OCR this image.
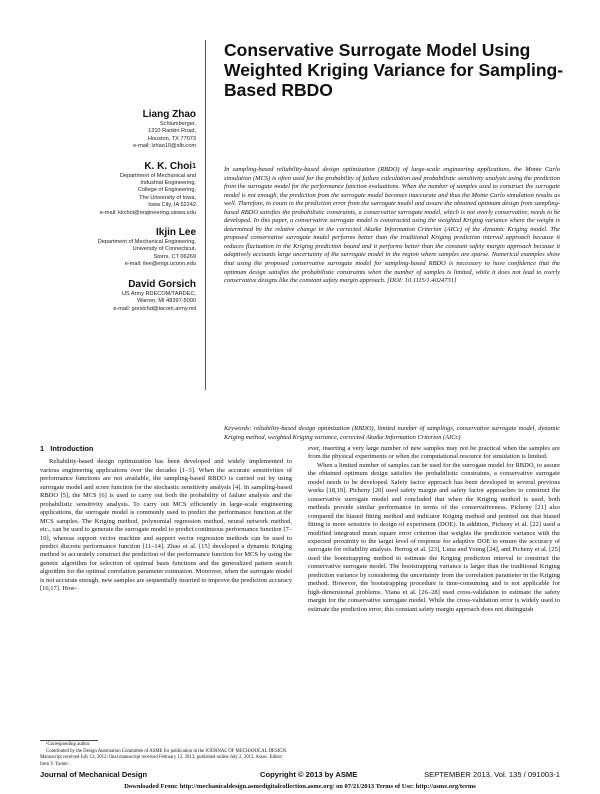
Conservative Surrogate Model Using Weighted Kriging Variance for Sampling-Based RBDO
Liang Zhao
Schlumberger,
1310 Rankin Road,
Houston, TX 77073
e-mail: lzhao10@slb.com
K. K. Choi$^1$
Department of Mechanical and
Industrial Engineering,
College of Engineering,
The University of Iowa,
Iowa City, IA 52242
e-mail: kkchoi@engineering.uiowa.edu
Ikjin Lee
Department of Mechanical Engineering,
University of Connecticut,
Storrs, CT 06269
e-mail: ilee@engr.uconn.edu
David Gorsich
US Army RDECOM/TARDEC,
Warren, MI 48397-5000
e-mail: gorsichd@tacom.army.mil

In sampling-based reliability-based design optimization (RBDO) of large-scale engineering applications, the Monte Carlo simulation (MCS) is often used for the probability of failure calculation and probabilistic sensitivity analysis using the prediction from the surrogate model for the performance function evaluations. When the number of samples used to construct the surrogate model is not enough, the prediction from the surrogate model becomes inaccurate and thus the Monte Carlo simulation results as well. Therefore, to count in the prediction error from the surrogate model and assure the obtained optimum design from sampling-based RBDO satisfies the probabilistic constraints, a conservative surrogate model, which is not overly conservative, needs to be developed. In this paper, a conservative surrogate model is constructed using the weighted Kriging variance where the weight is determined by the relative change in the corrected Akaike Information Criterion (AICc) of the dynamic Kriging model. The proposed conservative surrogate model performs better than the traditional Kriging prediction interval approach because it reduces fluctuation in the Kriging prediction bound and it performs better than the constant safety margin approach because it adaptively accounts large uncertainty of the surrogate model in the region where samples are sparse. Numerical examples show that using the proposed conservative surrogate model for sampling-based RBDO is necessary to have confidence that the optimum design satisfies the probabilistic constraints when the number of samples is limited, while it does not lead to overly conservative designs like the constant safety margin approach. [DOI: 10.1115/1.4024731]

Keywords: reliability-based design optimization (RBDO), limited number of samplings, conservative surrogate model, dynamic Kriging method, weighted Kriging variance, corrected Akaike Information Criterion (AICc)

1 Introduction

Reliability-based design optimization has been developed and widely implemented to various engineering applications over the decades [1–3]. When the accurate sensitivities of performance functions are not available, the sampling-based RBDO is carried out by using surrogate model and score function for the stochastic sensitivity analysis [4]. In sampling-based RBDO [5], the MCS [6] is used to carry out both the probability of failure analysis and the probabilistic sensitivity analysis. To carry out MCS efficiently in large-scale engineering applications, the surrogate model is commonly used to predict the performance function at the MCS samples. The Kriging method, polynomial regression method, neural network method, etc., can be used to generate the surrogate model to predict continuous performance function [7–10], whereas support vector machine and support vector regression methods can be used to predict discrete performance function [11–14]. Zhao et al. [15] developed a dynamic Kriging method to accurately construct the prediction of the performance function for MCS by using the genetic algorithm for selection of optimal basis functions and the generalized pattern search algorithm for the optimal correlation parameter estimation. Moreover, when the surrogate model is not accurate enough, new samples are sequentially inserted to improve the prediction accuracy [16,17]. How-

ever, inserting a very large number of new samples may not be practical when the samples are from the physical experiments or when the computational resource for simulation is limited.

When a limited number of samples can be used for the surrogate model for RBDO, to assure the obtained optimum design satisfies the probabilistic constraints, a conservative surrogate model needs to be developed. Safety factor approach has been developed in several previous works [18,19]. Picheny [20] used safety margin and safety factor approaches to construct the conservative surrogate model and concluded that when the Kriging method is used, both methods provide similar performance in terms of the conservativeness. Picheny [21] also compared the biased fitting method and indicator Kriging method and pointed out that biased fitting is more sensitive to design of experiment (DOE). In addition, Picheny et al. [22] used a modified integrated mean square error criterion that weights the prediction variance with the expected proximity to the target level of response for adaptive DOE to ensure the accuracy of surrogate for reliability analysis. Hertog et al. [23], Luna and Young [24], and Picheny et al. [25] used the bootstrapping method to estimate the Kriging prediction interval to construct the conservative surrogate model. The bootstrapping variance is larger than the traditional Kriging prediction variance by considering the uncertainty from the correlation parameter in the Kriging method. However, the bootstrapping procedure is time-consuming and is not applicable for high-dimensional problems. Viana et al. [26–28] used cross-validation to estimate the safety margin for the conservative surrogate model. While the cross-validation error is widely used to estimate the prediction error, this constant safety margin approach does not distinguish

¹Corresponding author.

Contributed by the Design Automation Committee of ASME for publication in the JOURNAL OF MECHANICAL DESIGN. Manuscript received July 12, 2012; final manuscript received February 12, 2013; published online July 2, 2013. Assoc. Editor: Irem Y. Tumer.

Journal of Mechanical Design	Copyright © 2013 by ASME	SEPTEMBER 2013, Vol. 135 / 091003-1
Downloaded From: http://mechanicaldesign.asmedigitalcollection.asme.org/ on 07/21/2013 Terms of Use: http://asme.org/terms
